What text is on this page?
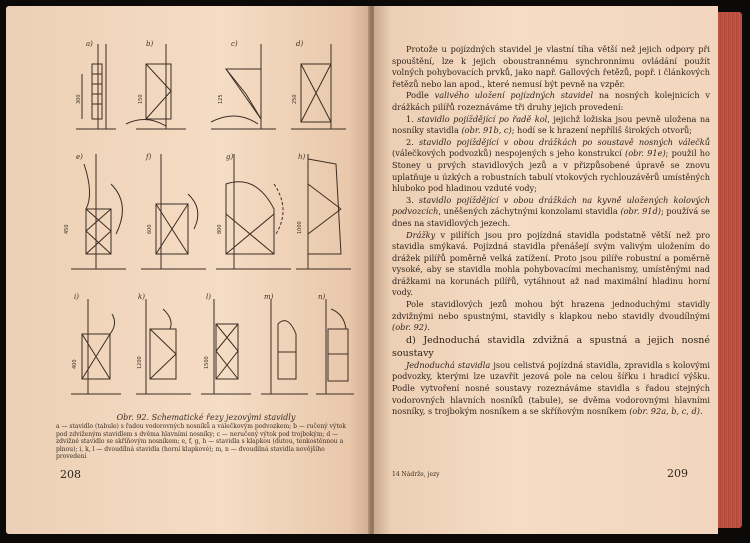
a)	b)	c)	d)
e)	f)	g)	h)
i)	k)	l)	m)	n)
300	150	125	250
450	600	800	1000
400	1200	1500
Obr. 92. Schematické řezy jezovými stavidly
a — stavidlo (tabule) s řadou vodorovných nosníků a válečkovým podvozkem; b — ručený výtok pod zdviženým stavidlem s dvěma hlavními nosníky; c — neručený výtok pod trojbokým; d — zdvižné stavidlo se skříňovým nosníkem; e, f, g, h — stavidla s klapkou (dutou, tenkostěnnou a plnou); i, k, l — dvoudílná stavidla (horní klapkové); m, n — dvoudílná stavidla novějšího provedení
208

Protože u pojízdných stavidel je vlastní tíha větší než jejich odpory při spouštění, lze k jejich oboustrannému synchronnímu ovládání použít volných pohybovacích prvků, jako např. Gallových řetězů, popř. i článkových řetězů nebo lan apod., které nemusí být pevně na vzpěr.

Podle valivého uložení pojízdných stavidel na nosných kolejnicích v drážkách pilířů rozeznáváme tři druhy jejich provedení:

1. stavidlo pojíždějící po řadě kol, jejichž ložiska jsou pevně uložena na nosníky stavidla (obr. 91b, c); hodí se k hrazení nepříliš širokých otvorů;

2. stavidlo pojíždějící v obou drážkách po soustavě nosných válečků (válečkových podvozků) nespojených s jeho konstrukcí (obr. 91e); použil ho Stoney u prvých stavidlových jezů a v přizpůsobené úpravě se znovu uplatňuje u úzkých a robustních tabulí vtokových rychlouzávěrů umístěných hluboko pod hladinou vzduté vody;

3. stavidlo pojíždějící v obou drážkách na kyvně uložených kolových podvozcích, uněšených záchytnými konzolami stavidla (obr. 91d); používá se dnes na stavidlových jezech.

Drážky v pilířích jsou pro pojízdná stavidla podstatně větší než pro stavidla smýkavá. Pojízdná stavidla přenášejí svým valivým uložením do drážek pilířů poměrně velká zatížení. Proto jsou pilíře robustní a poměrně vysoké, aby se stavidla mohla pohybovacími mechanismy, umístěnými nad drážkami na korunách pilířů, vytáhnout až nad maximální hladinu horní vody.

Pole stavidlových jezů mohou být hrazena jednoduchými stavidly zdvižnými nebo spustnými, stavidly s klapkou nebo stavidly dvoudílnými (obr. 92).

d) Jednoduchá stavidla zdvižná a spustná a jejich nosné soustavy

Jednoduchá stavidla jsou celistvá pojízdná stavidla, zpravidla s kolovými podvozky, kterými lze uzavřít jezová pole na celou šířku i hradicí výšku. Podle vytvoření nosné soustavy rozeznáváme stavidla s řadou stejných vodorovných hlavních nosníků (tabule), se dvěma vodorovnými hlavními nosníky, s trojbokým nosníkem a se skříňovým nosníkem (obr. 92a, b, c, d).

14 Nádrže, jezy	209
